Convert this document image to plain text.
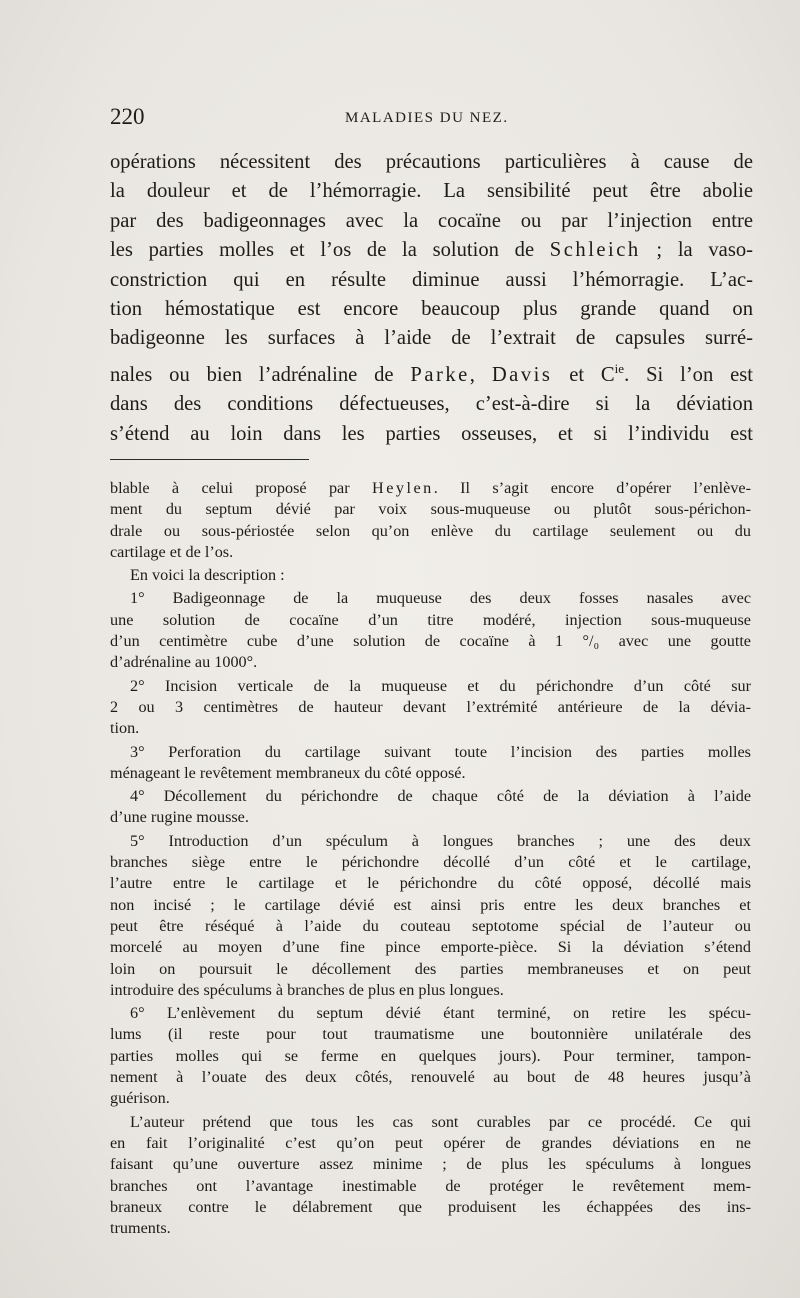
220	MALADIES DU NEZ.
opérations nécessitent des précautions particulières à cause de
la douleur et de l’hémorragie. La sensibilité peut être abolie
par des badigeonnages avec la cocaïne ou par l’injection entre
les parties molles et l’os de la solution de Schleich ; la vaso-
constriction qui en résulte diminue aussi l’hémorragie. L’ac-
tion hémostatique est encore beaucoup plus grande quand on
badigeonne les surfaces à l’aide de l’extrait de capsules surré-
nales ou bien l’adrénaline de Parke, Davis et $C^{ie}$. Si l’on est
dans des conditions défectueuses, c’est-à-dire si la déviation
s’étend au loin dans les parties osseuses, et si l’individu est

blable à celui proposé par Heylen. Il s’agit encore d’opérer l’enlève-
ment du septum dévié par voix sous-muqueuse ou plutôt sous-périchon-
drale ou sous-périostée selon qu’on enlève du cartilage seulement ou du
cartilage et de l’os.

En voici la description :

1° Badigeonnage de la muqueuse des deux fosses nasales avec
une solution de cocaïne d’un titre modéré, injection sous-muqueuse
d’un centimètre cube d’une solution de cocaïne à 1 °/₀ avec une goutte
d’adrénaline au 1000°.

2° Incision verticale de la muqueuse et du périchondre d’un côté sur
2 ou 3 centimètres de hauteur devant l’extrémité antérieure de la dévia-
tion.

3° Perforation du cartilage suivant toute l’incision des parties molles
ménageant le revêtement membraneux du côté opposé.

4° Décollement du périchondre de chaque côté de la déviation à l’aide
d’une rugine mousse.

5° Introduction d’un spéculum à longues branches ; une des deux
branches siège entre le périchondre décollé d’un côté et le cartilage,
l’autre entre le cartilage et le périchondre du côté opposé, décollé mais
non incisé ; le cartilage dévié est ainsi pris entre les deux branches et
peut être réséqué à l’aide du couteau septotome spécial de l’auteur ou
morcelé au moyen d’une fine pince emporte-pièce. Si la déviation s’étend
loin on poursuit le décollement des parties membraneuses et on peut
introduire des spéculums à branches de plus en plus longues.

6° L’enlèvement du septum dévié étant terminé, on retire les spécu-
lums (il reste pour tout traumatisme une boutonnière unilatérale des
parties molles qui se ferme en quelques jours). Pour terminer, tampon-
nement à l’ouate des deux côtés, renouvelé au bout de 48 heures jusqu’à
guérison.

L’auteur prétend que tous les cas sont curables par ce procédé. Ce qui
en fait l’originalité c’est qu’on peut opérer de grandes déviations en ne
faisant qu’une ouverture assez minime ; de plus les spéculums à longues
branches ont l’avantage inestimable de protéger le revêtement mem-
braneux contre le délabrement que produisent les échappées des ins-
truments.
